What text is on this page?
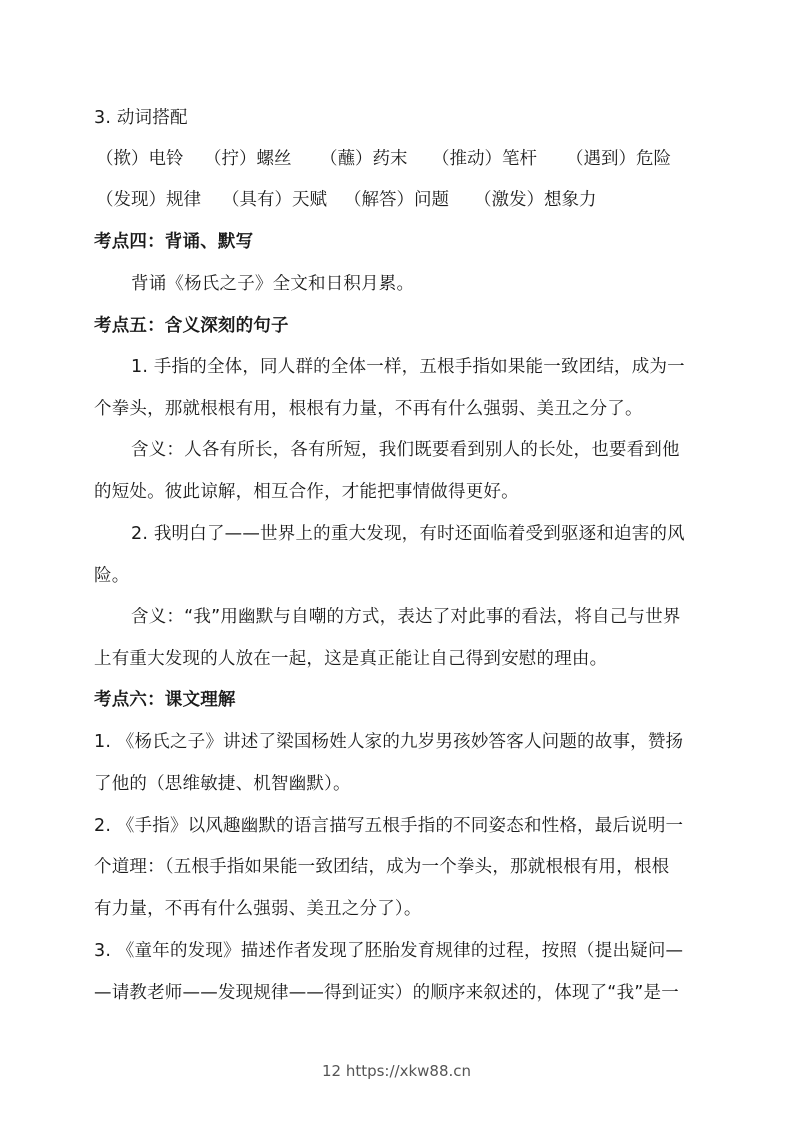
3. 动词搭配
（揿）电铃 （拧）螺丝 （蘸）药末 （推动）笔杆 （遇到）危险
（发现）规律 （具有）天赋 （解答）问题 （激发）想象力
考点四：背诵、默写
背诵《杨氏之子》全文和日积月累。
考点五：含义深刻的句子
1. 手指的全体，同人群的全体一样，五根手指如果能一致团结，成为一
个拳头，那就根根有用，根根有力量，不再有什么强弱、美丑之分了。
含义：人各有所长，各有所短，我们既要看到别人的长处，也要看到他
的短处。彼此谅解，相互合作，才能把事情做得更好。
2. 我明白了——世界上的重大发现，有时还面临着受到驱逐和迫害的风
险。
含义：“我”用幽默与自嘲的方式，表达了对此事的看法，将自己与世界
上有重大发现的人放在一起，这是真正能让自己得到安慰的理由。
考点六：课文理解
1. 《杨氏之子》讲述了梁国杨姓人家的九岁男孩妙答客人问题的故事，赞扬
了他的（思维敏捷、机智幽默）。
2. 《手指》以风趣幽默的语言描写五根手指的不同姿态和性格，最后说明一
个道理：（五根手指如果能一致团结，成为一个拳头，那就根根有用，根根
有力量，不再有什么强弱、美丑之分了）。
3. 《童年的发现》描述作者发现了胚胎发育规律的过程，按照（提出疑问—
—请教老师——发现规律——得到证实）的顺序来叙述的，体现了“我”是一
12 https://xkw88.cn
